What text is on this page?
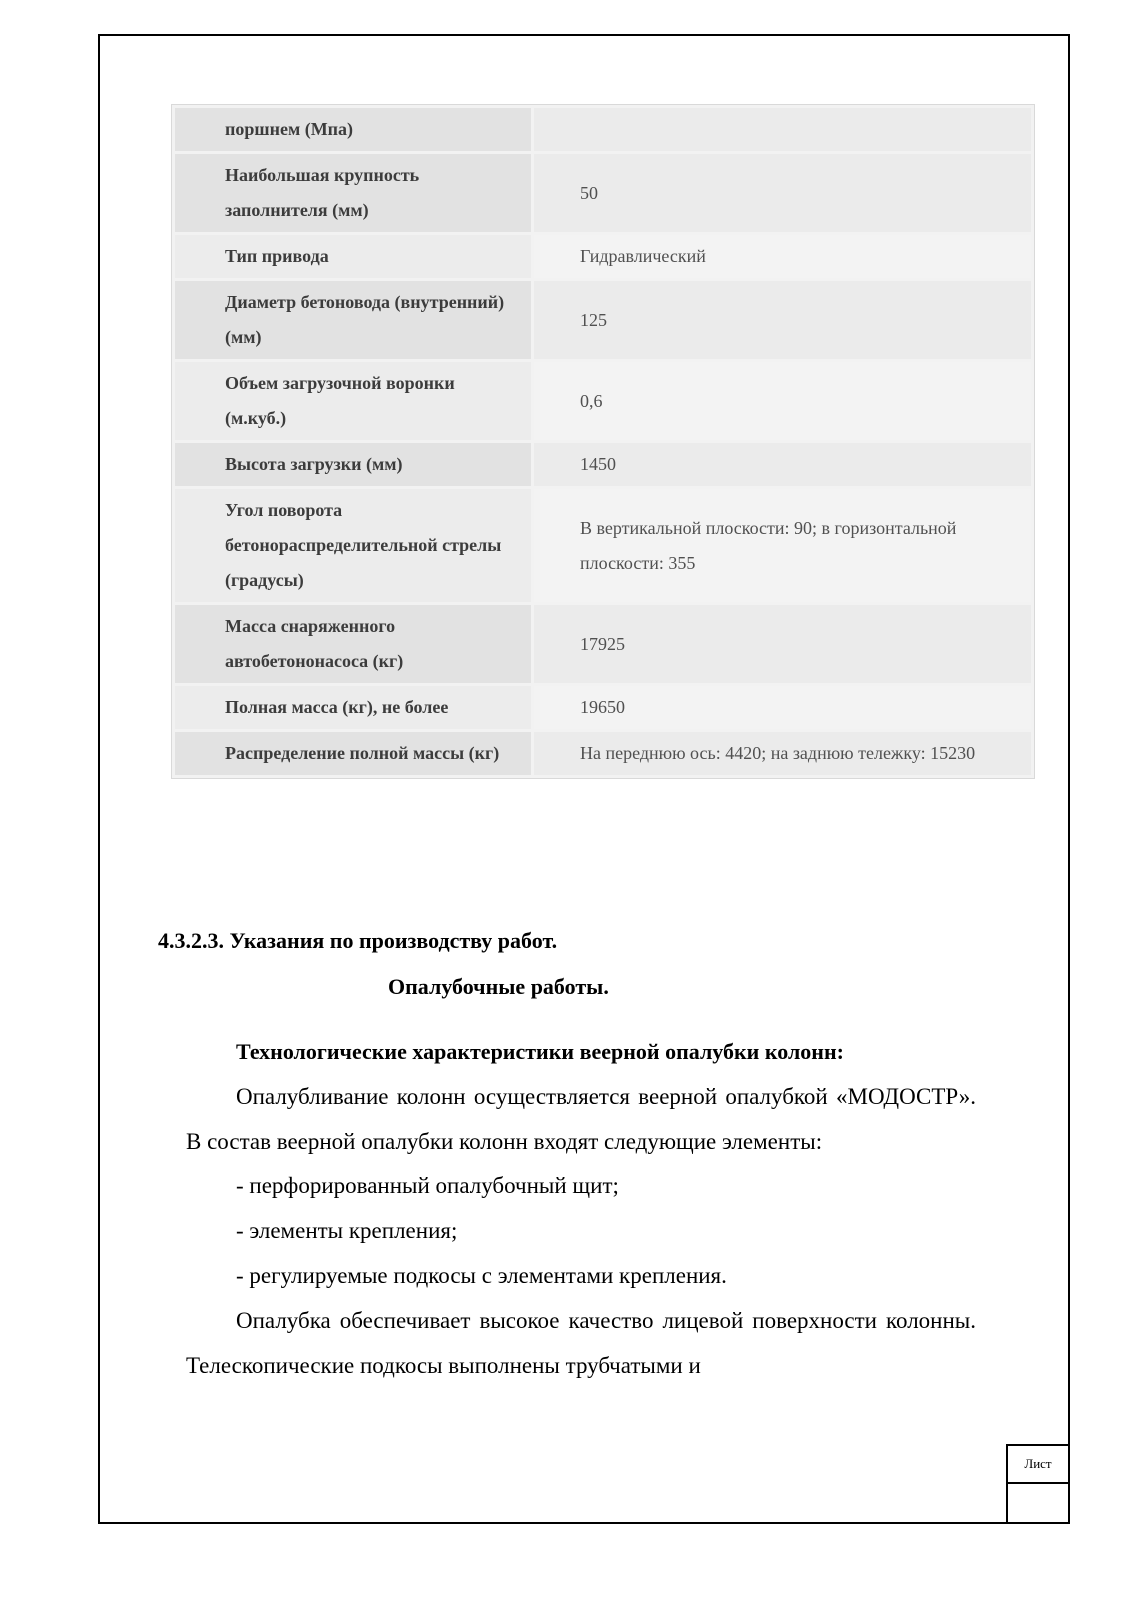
Лист
поршнем (Мпа)	
Наибольшая крупность заполнителя (мм)	50
Тип привода	Гидравлический
Диаметр бетоновода (внутренний) (мм)	125
Объем загрузочной воронки (м.куб.)	0,6
Высота загрузки (мм)	1450
Угол поворота бетонораспределительной стрелы (градусы)	В вертикальной плоскости: 90; в горизонтальной плоскости: 355
Масса снаряженного автобетононасоса (кг)	17925
Полная масса (кг), не более	19650
Распределение полной массы (кг)	На переднюю ось: 4420; на заднюю тележку: 15230
4.3.2.3. Указания по производству работ.
Опалубочные работы.

Технологические характеристики веерной опалубки колонн:

Опалубливание колонн осуществляется веерной опалубкой «МОДОСТР». В состав веерной опалубки колонн входят следующие элементы:

- перфорированный опалубочный щит;

- элементы крепления;

- регулируемые подкосы с элементами крепления.

Опалубка обеспечивает высокое качество лицевой поверхности колонны. Телескопические подкосы выполнены трубчатыми и
